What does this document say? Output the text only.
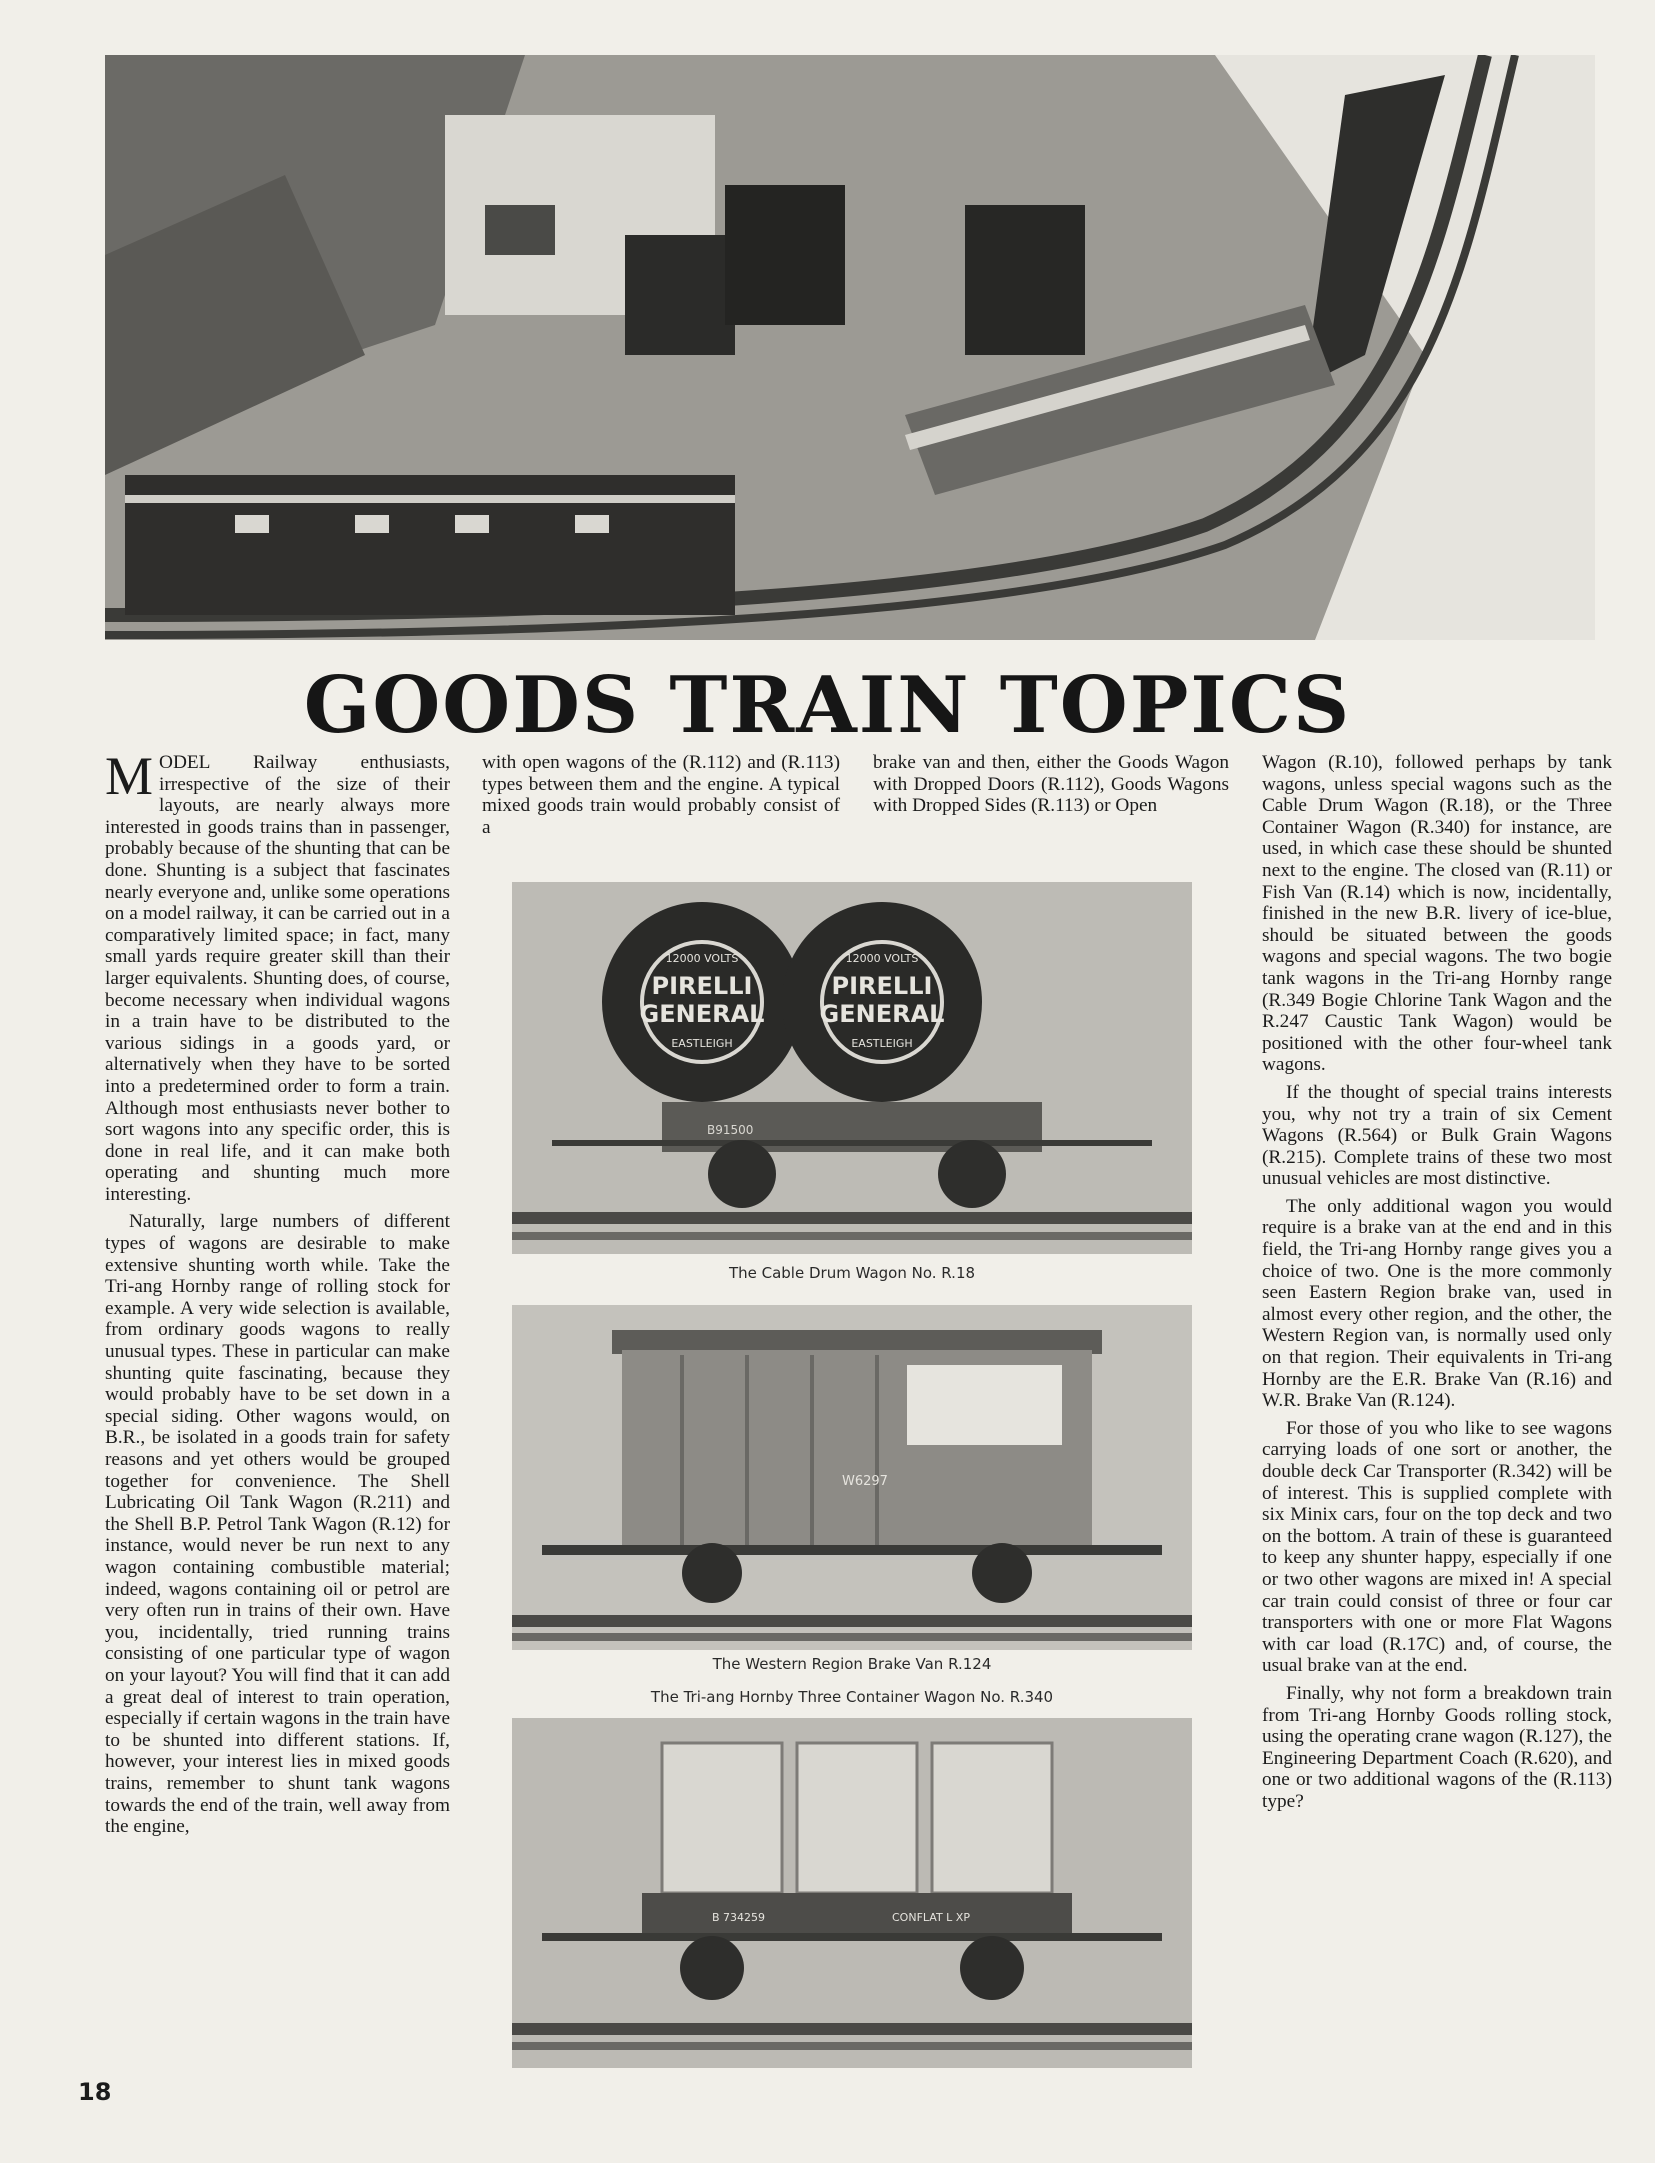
GOODS TRAIN TOPICS

MODEL Railway enthusiasts, irrespective of the size of their layouts, are nearly always more interested in goods trains than in passenger, probably because of the shunting that can be done. Shunting is a subject that fascinates nearly everyone and, unlike some operations on a model railway, it can be carried out in a comparatively limited space; in fact, many small yards require greater skill than their larger equivalents. Shunting does, of course, become necessary when individual wagons in a train have to be distributed to the various sidings in a goods yard, or alternatively when they have to be sorted into a predetermined order to form a train. Although most enthusiasts never bother to sort wagons into any specific order, this is done in real life, and it can make both operating and shunting much more interesting.

Naturally, large numbers of different types of wagons are desirable to make extensive shunting worth while. Take the Tri-ang Hornby range of rolling stock for example. A very wide selection is available, from ordinary goods wagons to really unusual types. These in particular can make shunting quite fascinating, because they would probably have to be set down in a special siding. Other wagons would, on B.R., be isolated in a goods train for safety reasons and yet others would be grouped together for convenience. The Shell Lubricating Oil Tank Wagon (R.211) and the Shell B.P. Petrol Tank Wagon (R.12) for instance, would never be run next to any wagon containing combustible material; indeed, wagons containing oil or petrol are very often run in trains of their own. Have you, incidentally, tried running trains consisting of one particular type of wagon on your layout? You will find that it can add a great deal of interest to train operation, especially if certain wagons in the train have to be shunted into different stations. If, however, your interest lies in mixed goods trains, remember to shunt tank wagons towards the end of the train, well away from the engine,

with open wagons of the (R.112) and (R.113) types between them and the engine. A typical mixed goods train would probably consist of a

brake van and then, either the Goods Wagon with Dropped Doors (R.112), Goods Wagons with Dropped Sides (R.113) or Open

Wagon (R.10), followed perhaps by tank wagons, unless special wagons such as the Cable Drum Wagon (R.18), or the Three Container Wagon (R.340) for instance, are used, in which case these should be shunted next to the engine. The closed van (R.11) or Fish Van (R.14) which is now, incidentally, finished in the new B.R. livery of ice-blue, should be situated between the goods wagons and special wagons. The two bogie tank wagons in the Tri-ang Hornby range (R.349 Bogie Chlorine Tank Wagon and the R.247 Caustic Tank Wagon) would be positioned with the other four-wheel tank wagons.

If the thought of special trains interests you, why not try a train of six Cement Wagons (R.564) or Bulk Grain Wagons (R.215). Complete trains of these two most unusual vehicles are most distinctive.

The only additional wagon you would require is a brake van at the end and in this field, the Tri-ang Hornby range gives you a choice of two. One is the more commonly seen Eastern Region brake van, used in almost every other region, and the other, the Western Region van, is normally used only on that region. Their equivalents in Tri-ang Hornby are the E.R. Brake Van (R.16) and W.R. Brake Van (R.124).

For those of you who like to see wagons carrying loads of one sort or another, the double deck Car Transporter (R.342) will be of interest. This is supplied complete with six Minix cars, four on the top deck and two on the bottom. A train of these is guaranteed to keep any shunter happy, especially if one or two other wagons are mixed in! A special car train could consist of three or four car transporters with one or more Flat Wagons with car load (R.17C) and, of course, the usual brake van at the end.

Finally, why not form a breakdown train from Tri-ang Hornby Goods rolling stock, using the operating crane wagon (R.127), the Engineering Department Coach (R.620), and one or two additional wagons of the (R.113) type?

PIRELLI
GENERAL
12000 VOLTS
EASTLEIGH
PIRELLI
GENERAL
12000 VOLTS
EASTLEIGH
B91500
The Cable Drum Wagon No. R.18
W6297
The Western Region Brake Van R.124
The Tri-ang Hornby Three Container Wagon No. R.340
B 734259	CONFLAT L XP
18
